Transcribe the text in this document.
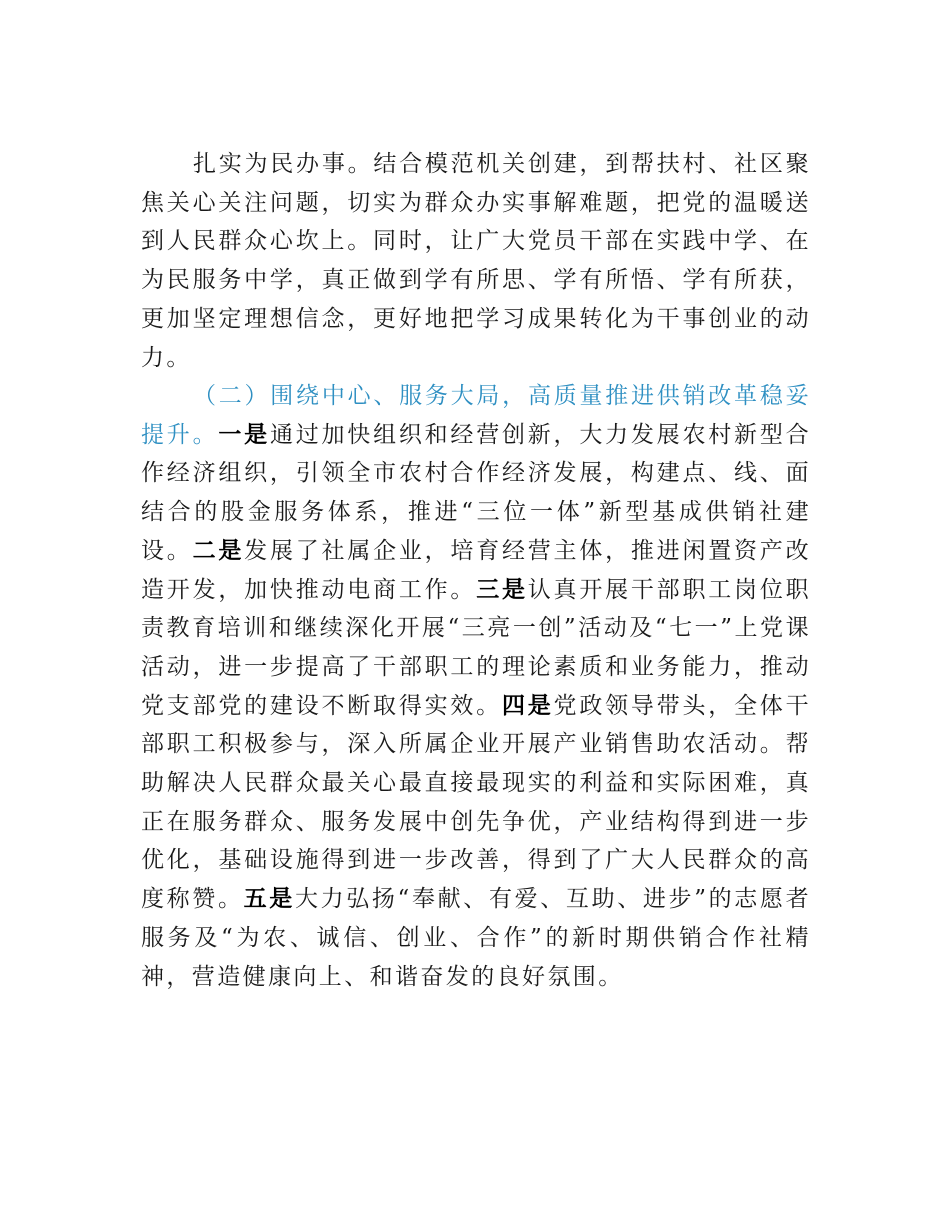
扎实为民办事。结合模范机关创建，到帮扶村、社区聚焦关心关注问题，切实为群众办实事解难题，把党的温暖送到人民群众心坎上。同时，让广大党员干部在实践中学、在为民服务中学，真正做到学有所思、学有所悟、学有所获，更加坚定理想信念，更好地把学习成果转化为干事创业的动力。

（二）围绕中心、服务大局，高质量推进供销改革稳妥提升。一是通过加快组织和经营创新，大力发展农村新型合作经济组织，引领全市农村合作经济发展，构建点、线、面结合的股金服务体系，推进“三位一体”新型基成供销社建设。二是发展了社属企业，培育经营主体，推进闲置资产改造开发，加快推动电商工作。三是认真开展干部职工岗位职责教育培训和继续深化开展“三亮一创”活动及“七一”上党课活动，进一步提高了干部职工的理论素质和业务能力，推动党支部党的建设不断取得实效。四是党政领导带头，全体干部职工积极参与，深入所属企业开展产业销售助农活动。帮助解决人民群众最关心最直接最现实的利益和实际困难，真正在服务群众、服务发展中创先争优，产业结构得到进一步优化，基础设施得到进一步改善，得到了广大人民群众的高度称赞。五是大力弘扬“奉献、有爱、互助、进步”的志愿者服务及“为农、诚信、创业、合作”的新时期供销合作社精神，营造健康向上、和谐奋发的良好氛围。
